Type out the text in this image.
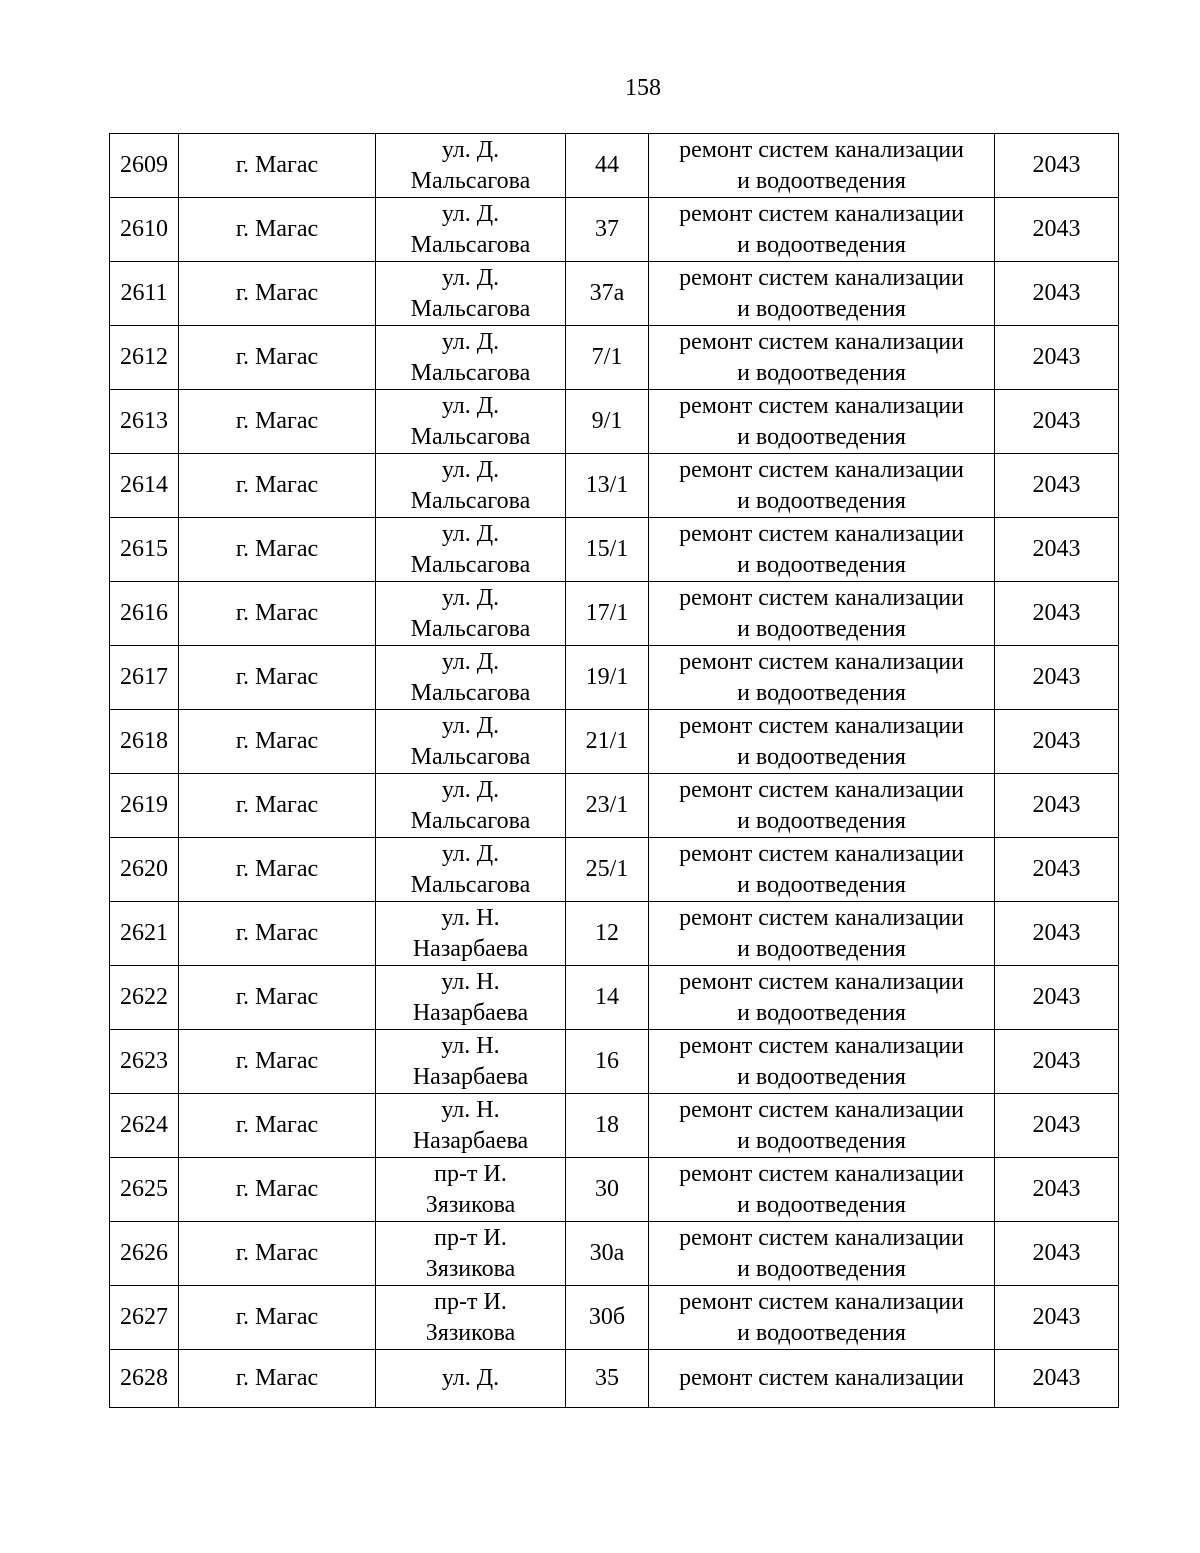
158
2609	г. Магас	ул. Д.
Мальсагова	44	ремонт систем канализации
и водоотведения	2043
2610	г. Магас	ул. Д.
Мальсагова	37	ремонт систем канализации
и водоотведения	2043
2611	г. Магас	ул. Д.
Мальсагова	37а	ремонт систем канализации
и водоотведения	2043
2612	г. Магас	ул. Д.
Мальсагова	7/1	ремонт систем канализации
и водоотведения	2043
2613	г. Магас	ул. Д.
Мальсагова	9/1	ремонт систем канализации
и водоотведения	2043
2614	г. Магас	ул. Д.
Мальсагова	13/1	ремонт систем канализации
и водоотведения	2043
2615	г. Магас	ул. Д.
Мальсагова	15/1	ремонт систем канализации
и водоотведения	2043
2616	г. Магас	ул. Д.
Мальсагова	17/1	ремонт систем канализации
и водоотведения	2043
2617	г. Магас	ул. Д.
Мальсагова	19/1	ремонт систем канализации
и водоотведения	2043
2618	г. Магас	ул. Д.
Мальсагова	21/1	ремонт систем канализации
и водоотведения	2043
2619	г. Магас	ул. Д.
Мальсагова	23/1	ремонт систем канализации
и водоотведения	2043
2620	г. Магас	ул. Д.
Мальсагова	25/1	ремонт систем канализации
и водоотведения	2043
2621	г. Магас	ул. Н.
Назарбаева	12	ремонт систем канализации
и водоотведения	2043
2622	г. Магас	ул. Н.
Назарбаева	14	ремонт систем канализации
и водоотведения	2043
2623	г. Магас	ул. Н.
Назарбаева	16	ремонт систем канализации
и водоотведения	2043
2624	г. Магас	ул. Н.
Назарбаева	18	ремонт систем канализации
и водоотведения	2043
2625	г. Магас	пр-т И.
Зязикова	30	ремонт систем канализации
и водоотведения	2043
2626	г. Магас	пр-т И.
Зязикова	30а	ремонт систем канализации
и водоотведения	2043
2627	г. Магас	пр-т И.
Зязикова	30б	ремонт систем канализации
и водоотведения	2043
2628	г. Магас	ул. Д.	35	ремонт систем канализации	2043
